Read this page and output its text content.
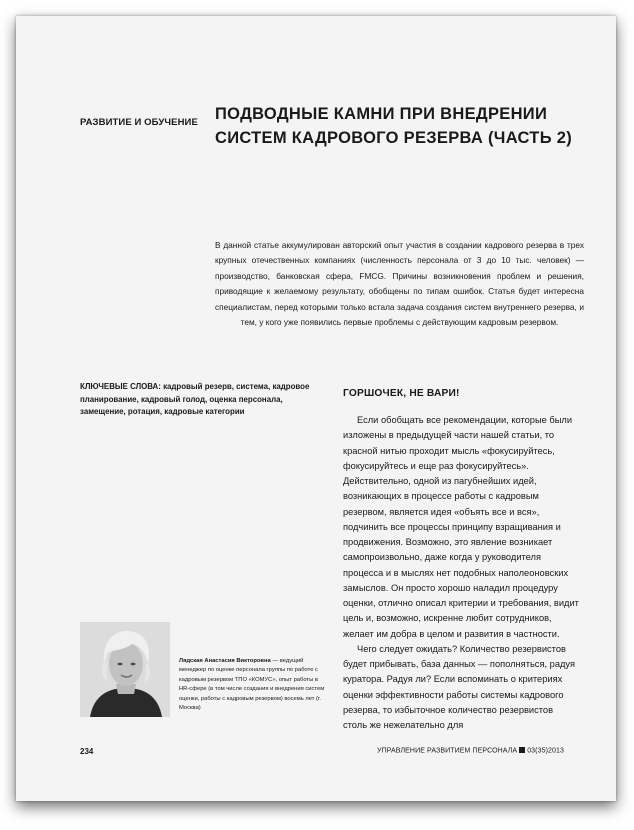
РАЗВИТИЕ И ОБУЧЕНИЕ ПОДВОДНЫЕ КАМНИ ПРИ ВНЕДРЕНИИ
СИСТЕМ КАДРОВОГО РЕЗЕРВА (ЧАСТЬ 2)
В данной статье аккумулирован авторский опыт участия в создании кадрового резерва в трех крупных отечественных компаниях (численность персонала от 3 до 10 тыс. человек) — производство, банковская сфера, FMCG. Причины возникновения проблем и решения, приводящие к желаемому результату, обобщены по типам ошибок. Статья будет интересна специалистам, перед которыми только встала задача создания систем внутреннего резерва, и тем, у кого уже появились первые проблемы с действующим кадровым резервом.
КЛЮЧЕВЫЕ СЛОВА: кадровый резерв, система, кадровое планирование, кадровый голод, оценка персонала, замещение, ротация, кадровые категории
Лядская Анастасия Викторовна — ведущий менеджер по оценке персонала группы по работе с кадровым резервом ТПО «КОМУС», опыт работы в HR-сфере (в том числе создания и внедрения систем оценки, работы с кадровым резервом) восемь лет (г. Москва)
ГОРШОЧЕК, НЕ ВАРИ!

Если обобщать все рекомендации, которые были изложены в предыдущей части нашей статьи, то красной нитью проходит мысль «фокусируйтесь, фокусируйтесь и еще раз фокусируйтесь». Действительно, одной из пагубнейших идей, возникающих в процессе работы с кадровым резервом, является идея «объять все и вся», подчинить все процессы принципу взращивания и продвижения. Возможно, это явление возникает самопроизвольно, даже когда у руководителя процесса и в мыслях нет подобных наполеоновских замыслов. Он просто хорошо наладил процедуру оценки, отлично описал критерии и требования, видит цель и, возможно, искренне любит сотрудников, желает им добра в целом и развития в частности.

Чего следует ожидать? Количество резервистов будет прибывать, база данных — пополняться, радуя куратора. Радуя ли? Если вспоминать о критериях оценки эффективности работы системы кадрового резерва, то избыточное количество резервистов столь же нежелательно для

234	УПРАВЛЕНИЕ РАЗВИТИЕМ ПЕРСОНАЛА 03(35)2013
